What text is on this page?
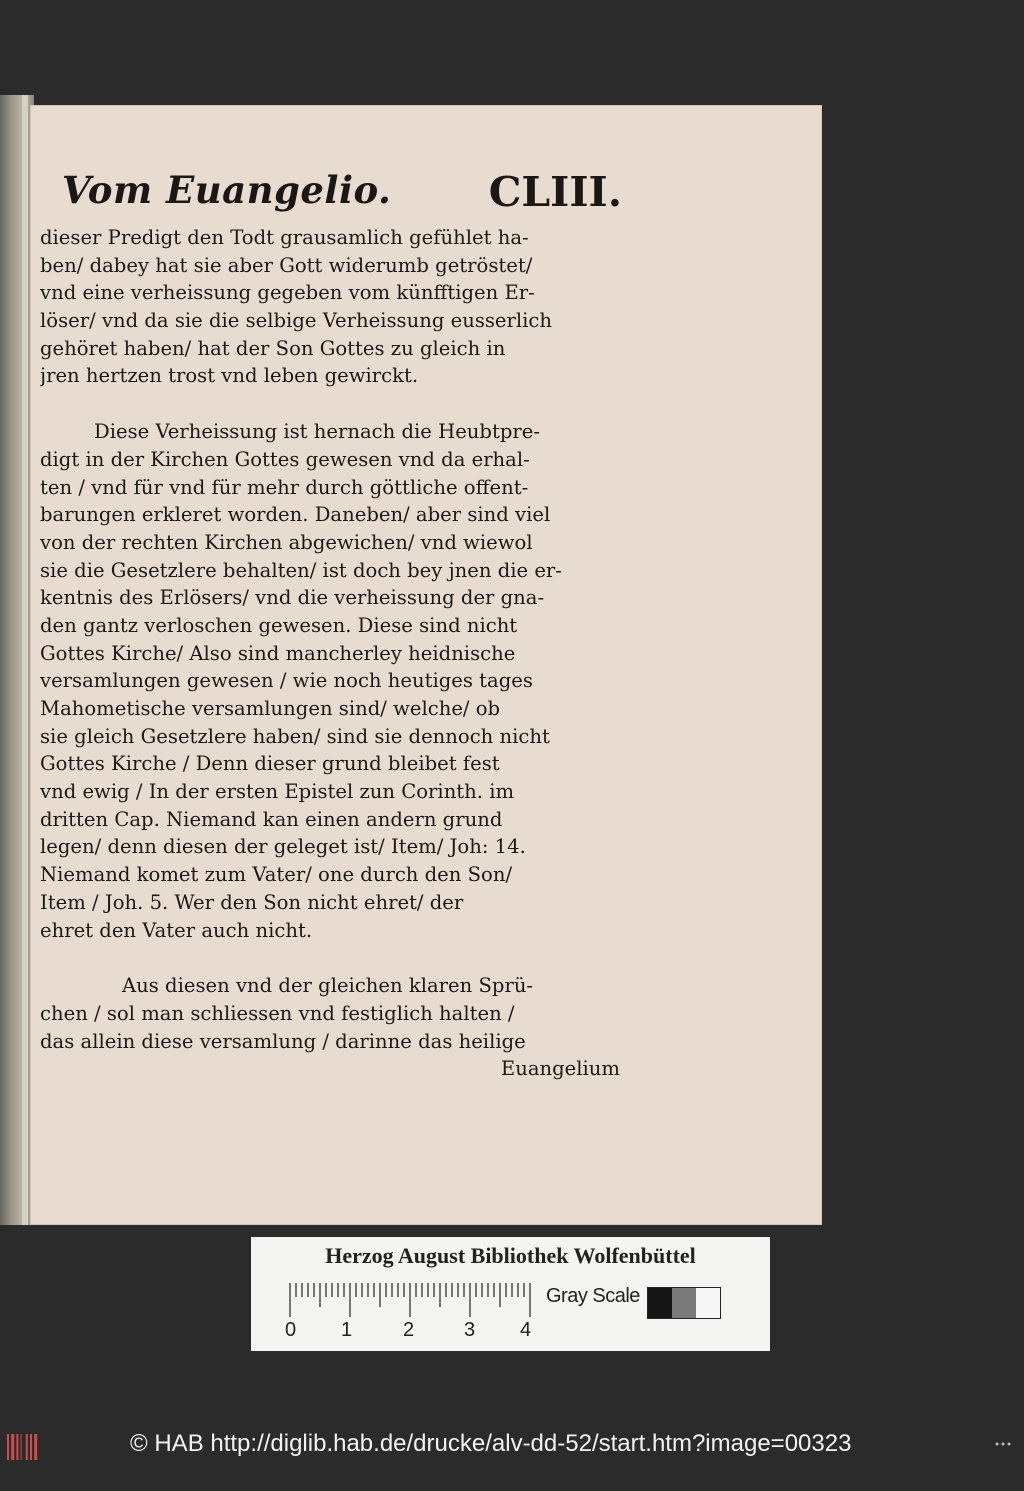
Vom Euangelio. CLIII.
dieser Predigt den Todt grausamlich gefühlet ha-
ben/ dabey hat sie aber Gott widerumb getröstet/
vnd eine verheissung gegeben vom künfftigen Er-
löser/ vnd da sie die selbige Verheissung eusserlich
gehöret haben/ hat der Son Gottes zu gleich in
jren hertzen trost vnd leben gewirckt.
Diese Verheissung ist hernach die Heubtpre-
digt in der Kirchen Gottes gewesen vnd da erhal-
ten / vnd für vnd für mehr durch göttliche offent-
barungen erkleret worden. Daneben/ aber sind viel
von der rechten Kirchen abgewichen/ vnd wiewol
sie die Gesetzlere behalten/ ist doch bey jnen die er-
kentnis des Erlösers/ vnd die verheissung der gna-
den gantz verloschen gewesen. Diese sind nicht
Gottes Kirche/ Also sind mancherley heidnische
versamlungen gewesen / wie noch heutiges tages
Mahometische versamlungen sind/ welche/ ob
sie gleich Gesetzlere haben/ sind sie dennoch nicht
Gottes Kirche / Denn dieser grund bleibet fest
vnd ewig / In der ersten Epistel zun Corinth. im
dritten Cap. Niemand kan einen andern grund
legen/ denn diesen der geleget ist/ Item/ Joh: 14.
Niemand komet zum Vater/ one durch den Son/
Item / Joh. 5. Wer den Son nicht ehret/ der
ehret den Vater auch nicht.
Aus diesen vnd der gleichen klaren Sprü-
chen / sol man schliessen vnd festiglich halten /
das allein diese versamlung / darinne das heilige
Euangelium
Herzog August Bibliothek Wolfenbüttel
0 1	2 3 4
Gray Scale
© HAB http://diglib.hab.de/drucke/alv-dd-52/start.htm?image=00323
